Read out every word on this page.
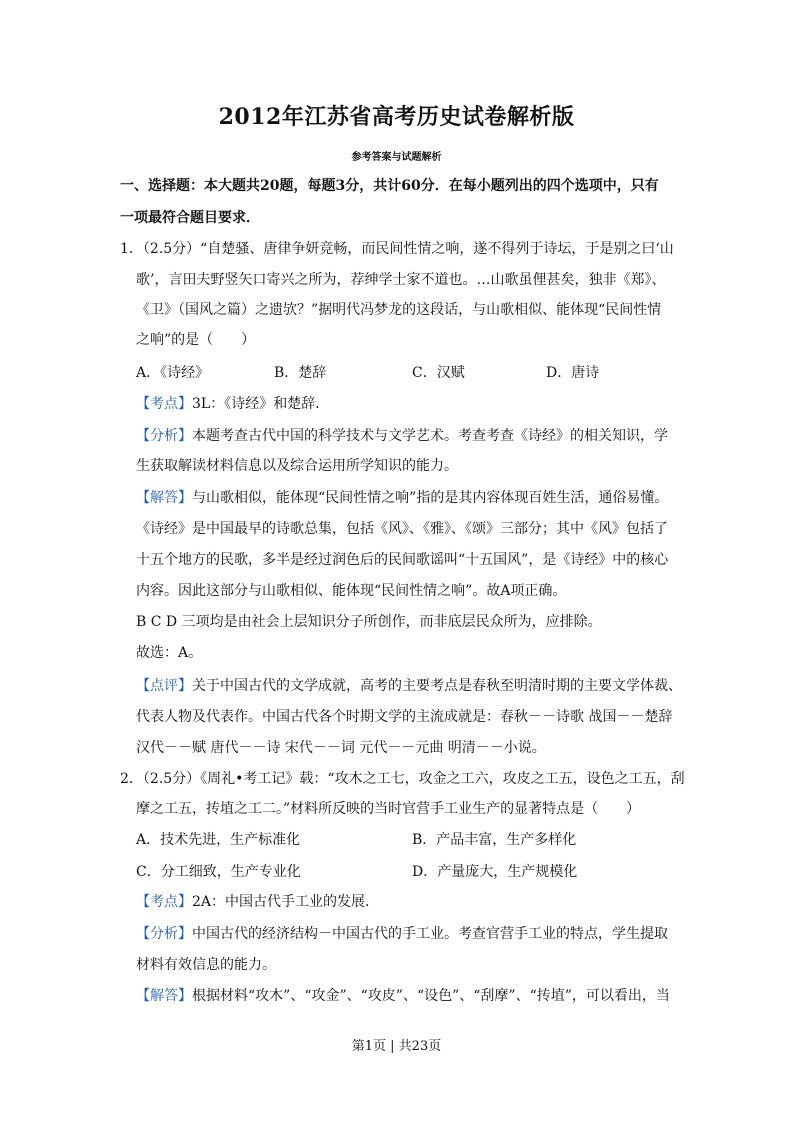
2012年江苏省高考历史试卷解析版
参考答案与试题解析
一、选择题：本大题共20题，每题3分，共计60分．在每小题列出的四个选项中，只有
一项最符合题目要求．
1．（2.5分）“自楚骚、唐律争妍竞畅，而民间性情之响，遂不得列于诗坛，于是别之曰‘山
歌’，言田夫野竖矢口寄兴之所为，荐绅学士家不道也。…山歌虽俚甚矣，独非《郑》、
《卫》（国风之篇）之遗欤？”据明代冯梦龙的这段话，与山歌相似、能体现“民间性情
之响”的是（　　）
A．《诗经》	B．楚辞	C．汉赋	D．唐诗
【考点】3L：《诗经》和楚辞．
【分析】本题考查古代中国的科学技术与文学艺术。考查考查《诗经》的相关知识，学
生获取解读材料信息以及综合运用所学知识的能力。
【解答】与山歌相似，能体现“民间性情之响”指的是其内容体现百姓生活，通俗易懂。
《诗经》是中国最早的诗歌总集，包括《风》、《雅》、《颂》三部分；其中《风》包括了
十五个地方的民歌，多半是经过润色后的民间歌谣叫“十五国风”，是《诗经》中的核心
内容。因此这部分与山歌相似、能体现“民间性情之响”。故A项正确。
B C D 三项均是由社会上层知识分子所创作，而非底层民众所为，应排除。
故选：A。
【点评】关于中国古代的文学成就，高考的主要考点是春秋至明清时期的主要文学体裁、
代表人物及代表作。中国古代各个时期文学的主流成就是：春秋－－诗歌 战国－－楚辞
汉代－－赋 唐代－－诗 宋代－－词 元代－－元曲 明清－－小说。
2．（2.5分）《周礼•考工记》载：“攻木之工七，攻金之工六，攻皮之工五，设色之工五，刮
摩之工五，抟埴之工二。”材料所反映的当时官营手工业生产的显著特点是（　　）
A．技术先进，生产标准化	B．产品丰富，生产多样化
C．分工细致，生产专业化	D．产量庞大，生产规模化
【考点】2A：中国古代手工业的发展．
【分析】中国古代的经济结构－中国古代的手工业。考查官营手工业的特点，学生提取
材料有效信息的能力。
【解答】根据材料“攻木”、“攻金”、“攻皮”、“设色”、“刮摩”、“抟埴”，可以看出，当
第1页 | 共23页
